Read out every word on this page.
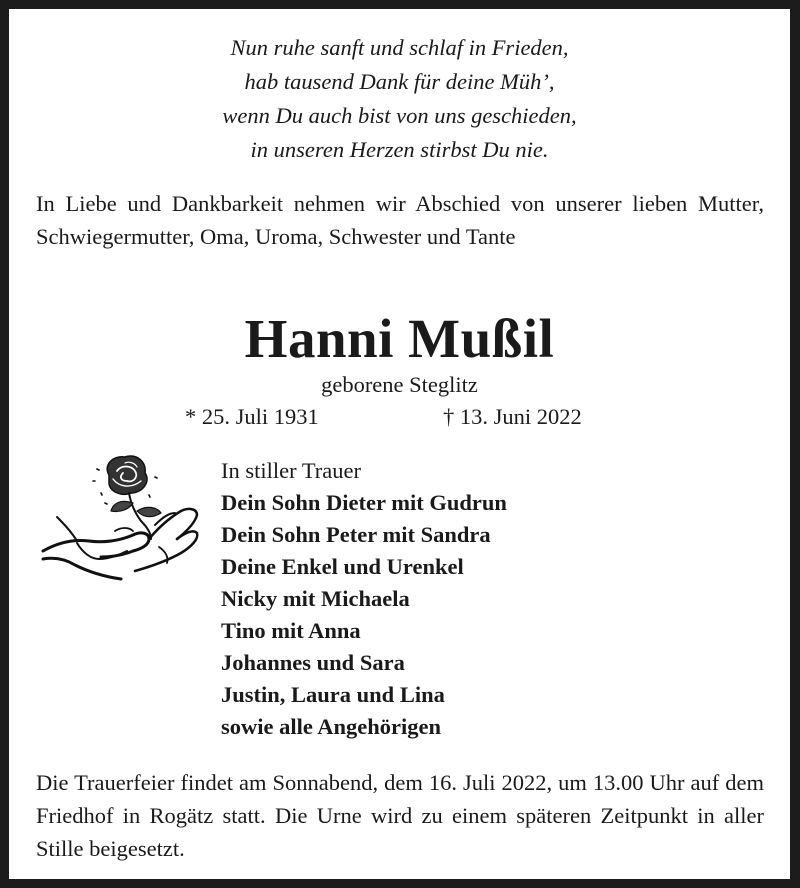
Nun ruhe sanft und schlaf in Frieden,
hab tausend Dank für deine Müh’,
wenn Du auch bist von uns geschieden,
in unseren Herzen stirbst Du nie.
In Liebe und Dankbarkeit nehmen wir Abschied von unserer lieben Mutter, Schwiegermutter, Oma, Uroma, Schwester und Tante
Hanni Mußil
geborene Steglitz
* 25. Juli 1931	† 13. Juni 2022
In stiller Trauer
Dein Sohn Dieter mit Gudrun
Dein Sohn Peter mit Sandra
Deine Enkel und Urenkel
Nicky mit Michaela
Tino mit Anna
Johannes und Sara
Justin, Laura und Lina
sowie alle Angehörigen
Die Trauerfeier findet am Sonnabend, dem 16. Juli 2022, um 13.00 Uhr auf dem Friedhof in Rogätz statt. Die Urne wird zu einem späteren Zeitpunkt in aller Stille beigesetzt.
